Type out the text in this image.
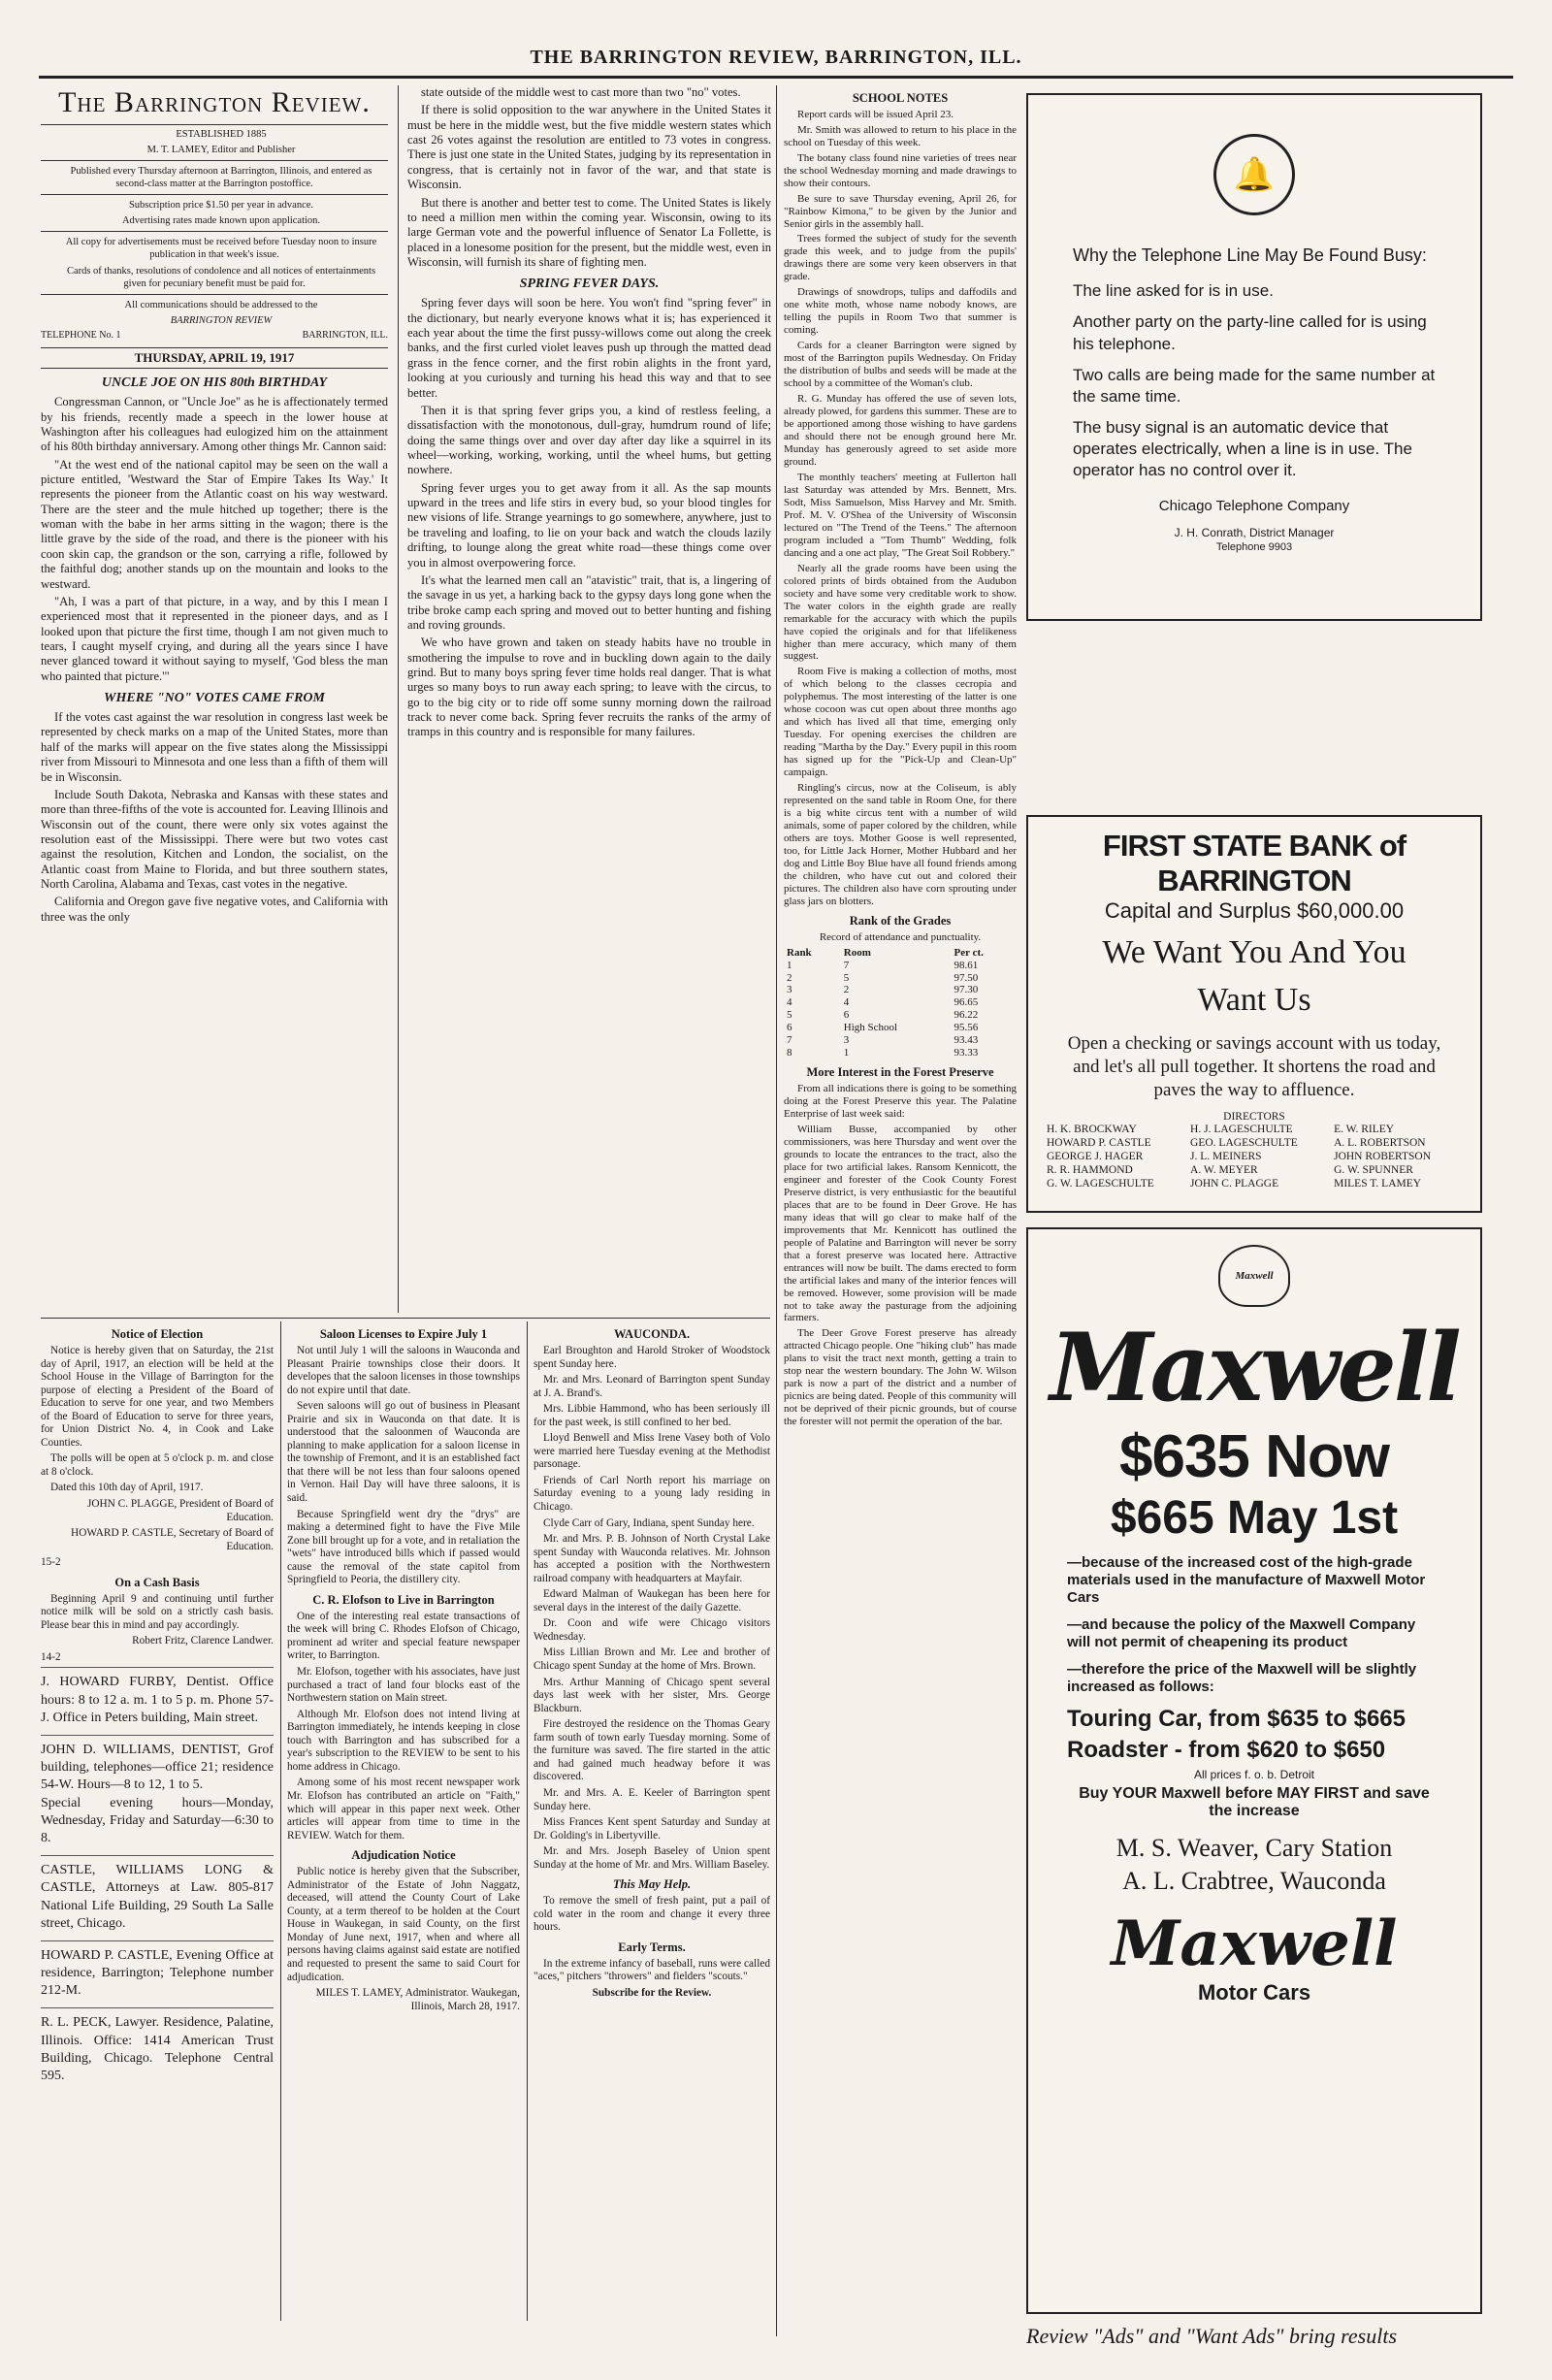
THE BARRINGTON REVIEW, BARRINGTON, ILL.
The Barrington Review.

ESTABLISHED 1885

M. T. LAMEY, Editor and Publisher

Published every Thursday afternoon at Barrington, Illinois, and entered as second-class matter at the Barrington postoffice.

Subscription price $1.50 per year in advance.

Advertising rates made known upon application.

All copy for advertisements must be received before Tuesday noon to insure publication in that week's issue.

Cards of thanks, resolutions of condolence and all notices of entertainments given for pecuniary benefit must be paid for.

All communications should be addressed to the

BARRINGTON REVIEW

TELEPHONE No. 1	BARRINGTON, ILL.
THURSDAY, APRIL 19, 1917
UNCLE JOE ON HIS 80th BIRTHDAY

Congressman Cannon, or "Uncle Joe" as he is affectionately termed by his friends, recently made a speech in the lower house at Washington after his colleagues had eulogized him on the attainment of his 80th birthday anniversary. Among other things Mr. Cannon said:

"At the west end of the national capitol may be seen on the wall a picture entitled, 'Westward the Star of Empire Takes Its Way.' It represents the pioneer from the Atlantic coast on his way westward. There are the steer and the mule hitched up together; there is the woman with the babe in her arms sitting in the wagon; there is the little grave by the side of the road, and there is the pioneer with his coon skin cap, the grandson or the son, carrying a rifle, followed by the faithful dog; another stands up on the mountain and looks to the westward.

"Ah, I was a part of that picture, in a way, and by this I mean I experienced most that it represented in the pioneer days, and as I looked upon that picture the first time, though I am not given much to tears, I caught myself crying, and during all the years since I have never glanced toward it without saying to myself, 'God bless the man who painted that picture.'"

WHERE "NO" VOTES CAME FROM

If the votes cast against the war resolution in congress last week be represented by check marks on a map of the United States, more than half of the marks will appear on the five states along the Mississippi river from Missouri to Minnesota and one less than a fifth of them will be in Wisconsin.

Include South Dakota, Nebraska and Kansas with these states and more than three-fifths of the vote is accounted for. Leaving Illinois and Wisconsin out of the count, there were only six votes against the resolution east of the Mississippi. There were but two votes cast against the resolution, Kitchen and London, the socialist, on the Atlantic coast from Maine to Florida, and but three southern states, North Carolina, Alabama and Texas, cast votes in the negative.

California and Oregon gave five negative votes, and California with three was the only

state outside of the middle west to cast more than two "no" votes.

If there is solid opposition to the war anywhere in the United States it must be here in the middle west, but the five middle western states which cast 26 votes against the resolution are entitled to 73 votes in congress. There is just one state in the United States, judging by its representation in congress, that is certainly not in favor of the war, and that state is Wisconsin.

But there is another and better test to come. The United States is likely to need a million men within the coming year. Wisconsin, owing to its large German vote and the powerful influence of Senator La Follette, is placed in a lonesome position for the present, but the middle west, even in Wisconsin, will furnish its share of fighting men.

SPRING FEVER DAYS.

Spring fever days will soon be here. You won't find "spring fever" in the dictionary, but nearly everyone knows what it is; has experienced it each year about the time the first pussy-willows come out along the creek banks, and the first curled violet leaves push up through the matted dead grass in the fence corner, and the first robin alights in the front yard, looking at you curiously and turning his head this way and that to see better.

Then it is that spring fever grips you, a kind of restless feeling, a dissatisfaction with the monotonous, dull-gray, humdrum round of life; doing the same things over and over day after day like a squirrel in its wheel—working, working, working, until the wheel hums, but getting nowhere.

Spring fever urges you to get away from it all. As the sap mounts upward in the trees and life stirs in every bud, so your blood tingles for new visions of life. Strange yearnings to go somewhere, anywhere, just to be traveling and loafing, to lie on your back and watch the clouds lazily drifting, to lounge along the great white road—these things come over you in almost overpowering force.

It's what the learned men call an "atavistic" trait, that is, a lingering of the savage in us yet, a harking back to the gypsy days long gone when the tribe broke camp each spring and moved out to better hunting and fishing and roving grounds.

We who have grown and taken on steady habits have no trouble in smothering the impulse to rove and in buckling down again to the daily grind. But to many boys spring fever time holds real danger. That is what urges so many boys to run away each spring; to leave with the circus, to go to the big city or to ride off some sunny morning down the railroad track to never come back. Spring fever recruits the ranks of the army of tramps in this country and is responsible for many failures.

SCHOOL NOTES

Report cards will be issued April 23.

Mr. Smith was allowed to return to his place in the school on Tuesday of this week.

The botany class found nine varieties of trees near the school Wednesday morning and made drawings to show their contours.

Be sure to save Thursday evening, April 26, for "Rainbow Kimona," to be given by the Junior and Senior girls in the assembly hall.

Trees formed the subject of study for the seventh grade this week, and to judge from the pupils' drawings there are some very keen observers in that grade.

Drawings of snowdrops, tulips and daffodils and one white moth, whose name nobody knows, are telling the pupils in Room Two that summer is coming.

Cards for a cleaner Barrington were signed by most of the Barrington pupils Wednesday. On Friday the distribution of bulbs and seeds will be made at the school by a committee of the Woman's club.

R. G. Munday has offered the use of seven lots, already plowed, for gardens this summer. These are to be apportioned among those wishing to have gardens and should there not be enough ground here Mr. Munday has generously agreed to set aside more ground.

The monthly teachers' meeting at Fullerton hall last Saturday was attended by Mrs. Bennett, Mrs. Sodt, Miss Samuelson, Miss Harvey and Mr. Smith. Prof. M. V. O'Shea of the University of Wisconsin lectured on "The Trend of the Teens." The afternoon program included a "Tom Thumb" Wedding, folk dancing and a one act play, "The Great Soil Robbery."

Nearly all the grade rooms have been using the colored prints of birds obtained from the Audubon society and have some very creditable work to show. The water colors in the eighth grade are really remarkable for the accuracy with which the pupils have copied the originals and for that lifelikeness higher than mere accuracy, which many of them suggest.

Room Five is making a collection of moths, most of which belong to the classes cecropia and polyphemus. The most interesting of the latter is one whose cocoon was cut open about three months ago and which has lived all that time, emerging only Tuesday. For opening exercises the children are reading "Martha by the Day." Every pupil in this room has signed up for the "Pick-Up and Clean-Up" campaign.

Ringling's circus, now at the Coliseum, is ably represented on the sand table in Room One, for there is a big white circus tent with a number of wild animals, some of paper colored by the children, while others are toys. Mother Goose is well represented, too, for Little Jack Horner, Mother Hubbard and her dog and Little Boy Blue have all found friends among the children, who have cut out and colored their pictures. The children also have corn sprouting under glass jars on blotters.

Rank of the Grades

Record of attendance and punctuality.

Rank	Room	Per ct.
1	7	98.61
2	5	97.50
3	2	97.30
4	4	96.65
5	6	96.22
6	High School	95.56
7	3	93.43
8	1	93.33
More Interest in the Forest Preserve

From all indications there is going to be something doing at the Forest Preserve this year. The Palatine Enterprise of last week said:

William Busse, accompanied by other commissioners, was here Thursday and went over the grounds to locate the entrances to the tract, also the place for two artificial lakes. Ransom Kennicott, the engineer and forester of the Cook County Forest Preserve district, is very enthusiastic for the beautiful places that are to be found in Deer Grove. He has many ideas that will go clear to make half of the improvements that Mr. Kennicott has outlined the people of Palatine and Barrington will never be sorry that a forest preserve was located here. Attractive entrances will now be built. The dams erected to form the artificial lakes and many of the interior fences will be removed. However, some provision will be made not to take away the pasturage from the adjoining farmers.

The Deer Grove Forest preserve has already attracted Chicago people. One "hiking club" has made plans to visit the tract next month, getting a train to stop near the western boundary. The John W. Wilson park is now a part of the district and a number of picnics are being dated. People of this community will not be deprived of their picnic grounds, but of course the forester will not permit the operation of the bar.

Notice of Election

Notice is hereby given that on Saturday, the 21st day of April, 1917, an election will be held at the School House in the Village of Barrington for the purpose of electing a President of the Board of Education to serve for one year, and two Members of the Board of Education to serve for three years, for Union District No. 4, in Cook and Lake Counties.

The polls will be open at 5 o'clock p. m. and close at 8 o'clock.

Dated this 10th day of April, 1917.

JOHN C. PLAGGE, President of Board of Education.

HOWARD P. CASTLE, Secretary of Board of Education.

15-2

On a Cash Basis

Beginning April 9 and continuing until further notice milk will be sold on a strictly cash basis. Please bear this in mind and pay accordingly.

Robert Fritz, Clarence Landwer.

14-2

J. HOWARD FURBY, Dentist. Office hours: 8 to 12 a. m. 1 to 5 p. m. Phone 57-J. Office in Peters building, Main street.

JOHN D. WILLIAMS, DENTIST, Grof building, telephones—office 21; residence 54-W. Hours—8 to 12, 1 to 5.

Special evening hours—Monday, Wednesday, Friday and Saturday—6:30 to 8.

CASTLE, WILLIAMS LONG & CASTLE, Attorneys at Law. 805-817 National Life Building, 29 South La Salle street, Chicago.

HOWARD P. CASTLE, Evening Office at residence, Barrington; Telephone number 212-M.

R. L. PECK, Lawyer. Residence, Palatine, Illinois. Office: 1414 American Trust Building, Chicago. Telephone Central 595.

Saloon Licenses to Expire July 1

Not until July 1 will the saloons in Wauconda and Pleasant Prairie townships close their doors. It developes that the saloon licenses in those townships do not expire until that date.

Seven saloons will go out of business in Pleasant Prairie and six in Wauconda on that date. It is understood that the saloonmen of Wauconda are planning to make application for a saloon license in the township of Fremont, and it is an established fact that there will be not less than four saloons opened in Vernon. Hail Day will have three saloons, it is said.

Because Springfield went dry the "drys" are making a determined fight to have the Five Mile Zone bill brought up for a vote, and in retaliation the "wets" have introduced bills which if passed would cause the removal of the state capitol from Springfield to Peoria, the distillery city.

C. R. Elofson to Live in Barrington

One of the interesting real estate transactions of the week will bring C. Rhodes Elofson of Chicago, prominent ad writer and special feature newspaper writer, to Barrington.

Mr. Elofson, together with his associates, have just purchased a tract of land four blocks east of the Northwestern station on Main street.

Although Mr. Elofson does not intend living at Barrington immediately, he intends keeping in close touch with Barrington and has subscribed for a year's subscription to the REVIEW to be sent to his home address in Chicago.

Among some of his most recent newspaper work Mr. Elofson has contributed an article on "Faith," which will appear in this paper next week. Other articles will appear from time to time in the REVIEW. Watch for them.

Adjudication Notice

Public notice is hereby given that the Subscriber, Administrator of the Estate of John Naggatz, deceased, will attend the County Court of Lake County, at a term thereof to be holden at the Court House in Waukegan, in said County, on the first Monday of June next, 1917, when and where all persons having claims against said estate are notified and requested to present the same to said Court for adjudication.

MILES T. LAMEY, Administrator. Waukegan, Illinois, March 28, 1917.

WAUCONDA.

Earl Broughton and Harold Stroker of Woodstock spent Sunday here.

Mr. and Mrs. Leonard of Barrington spent Sunday at J. A. Brand's.

Mrs. Libbie Hammond, who has been seriously ill for the past week, is still confined to her bed.

Lloyd Benwell and Miss Irene Vasey both of Volo were married here Tuesday evening at the Methodist parsonage.

Friends of Carl North report his marriage on Saturday evening to a young lady residing in Chicago.

Clyde Carr of Gary, Indiana, spent Sunday here.

Mr. and Mrs. P. B. Johnson of North Crystal Lake spent Sunday with Wauconda relatives. Mr. Johnson has accepted a position with the Northwestern railroad company with headquarters at Mayfair.

Edward Malman of Waukegan has been here for several days in the interest of the daily Gazette.

Dr. Coon and wife were Chicago visitors Wednesday.

Miss Lillian Brown and Mr. Lee and brother of Chicago spent Sunday at the home of Mrs. Brown.

Mrs. Arthur Manning of Chicago spent several days last week with her sister, Mrs. George Blackburn.

Fire destroyed the residence on the Thomas Geary farm south of town early Tuesday morning. Some of the furniture was saved. The fire started in the attic and had gained much headway before it was discovered.

Mr. and Mrs. A. E. Keeler of Barrington spent Sunday here.

Miss Frances Kent spent Saturday and Sunday at Dr. Golding's in Libertyville.

Mr. and Mrs. Joseph Baseley of Union spent Sunday at the home of Mr. and Mrs. William Baseley.

This May Help.

To remove the smell of fresh paint, put a pail of cold water in the room and change it every three hours.

Early Terms.

In the extreme infancy of baseball, runs were called "aces," pitchers "throwers" and fielders "scouts."

Subscribe for the Review.

🔔

Why the Telephone Line May Be Found Busy:

The line asked for is in use.

Another party on the party-line called for is using his telephone.

Two calls are being made for the same number at the same time.

The busy signal is an automatic device that operates electrically, when a line is in use. The operator has no control over it.

Chicago Telephone Company

J. H. Conrath, District Manager

Telephone 9903

FIRST STATE BANK of BARRINGTON
Capital and Surplus $60,000.00
We Want You And You
Want Us
Open a checking or savings account with us today, and let's all pull together. It shortens the road and paves the way to affluence.
DIRECTORS
H. K. BROCKWAY	H. J. LAGESCHULTE	E. W. RILEY
HOWARD P. CASTLE	GEO. LAGESCHULTE	A. L. ROBERTSON
GEORGE J. HAGER	J. L. MEINERS	JOHN ROBERTSON
R. R. HAMMOND	A. W. MEYER	G. W. SPUNNER
G. W. LAGESCHULTE	JOHN C. PLAGGE	MILES T. LAMEY
Maxwell
Maxwell
$635 Now
$665 May 1st

—because of the increased cost of the high-grade materials used in the manufacture of Maxwell Motor Cars

—and because the policy of the Maxwell Company will not permit of cheapening its product

—therefore the price of the Maxwell will be slightly increased as follows:

Touring Car, from $635 to $665
Roadster - from $620 to $650
All prices f. o. b. Detroit
Buy YOUR Maxwell before MAY FIRST and save the increase
M. S. Weaver, Cary Station
A. L. Crabtree, Wauconda
Maxwell
Motor Cars
Review "Ads" and "Want Ads" bring results
